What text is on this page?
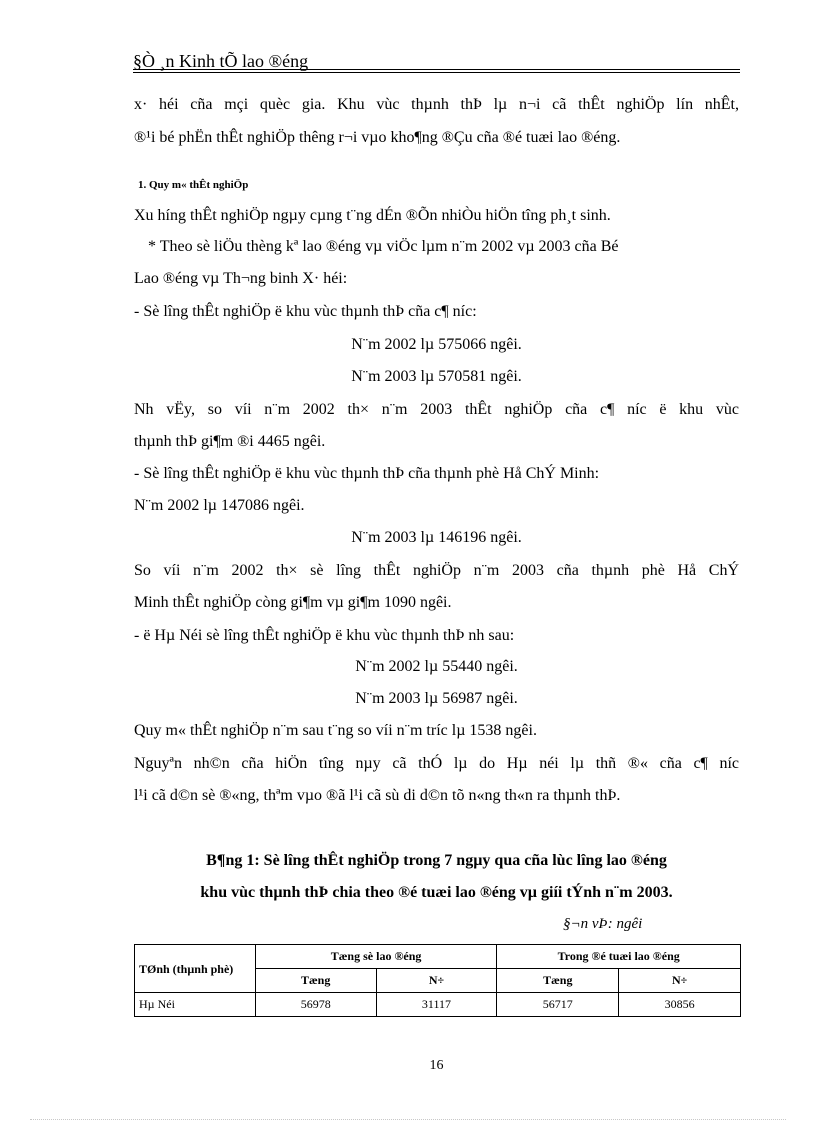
§Ò ¸n Kinh tÕ lao ®éng
x· héi cña mçi quèc gia. Khu vùc thµnh thÞ lµ n¬i cã thÊt nghiÖp lín nhÊt,
®¹i bé phËn thÊt nghiÖp thêng r¬i vµo kho¶ng ®Çu cña ®é tuæi lao ®éng.
1. Quy m« thÊt nghiÖp
Xu híng thÊt nghiÖp ngµy cµng t¨ng dÉn ®Õn nhiÒu hiÖn tîng ph¸t sinh.
* Theo sè liÖu thèng kª lao ®éng vµ viÖc lµm n¨m 2002 vµ 2003 cña Bé
Lao ®éng vµ Th¬ng binh X· héi:
- Sè lîng thÊt nghiÖp ë khu vùc thµnh thÞ cña c¶ níc:
N¨m 2002 lµ 575066 ngêi.
N¨m 2003 lµ 570581 ngêi.
Nh vËy, so víi n¨m 2002 th× n¨m 2003 thÊt nghiÖp cña c¶ níc ë khu vùc
thµnh thÞ gi¶m ®i 4465 ngêi.
- Sè lîng thÊt nghiÖp ë khu vùc thµnh thÞ cña thµnh phè Hå ChÝ Minh:
N¨m 2002 lµ 147086 ngêi.
N¨m 2003 lµ 146196 ngêi.
So víi n¨m 2002 th× sè lîng thÊt nghiÖp n¨m 2003 cña thµnh phè Hå ChÝ
Minh thÊt nghiÖp còng gi¶m vµ gi¶m 1090 ngêi.
- ë Hµ Néi sè lîng thÊt nghiÖp ë khu vùc thµnh thÞ nh sau:
N¨m 2002 lµ 55440 ngêi.
N¨m 2003 lµ 56987 ngêi.
Quy m« thÊt nghiÖp n¨m sau t¨ng so víi n¨m tríc lµ 1538 ngêi.
Nguyªn nh©n cña hiÖn tîng nµy cã thÓ lµ do Hµ néi lµ thñ ®« cña c¶ níc
l¹i cã d©n sè ®«ng, thªm vµo ®ã l¹i cã sù di d©n tõ n«ng th«n ra thµnh thÞ.
B¶ng 1: Sè lîng thÊt nghiÖp trong 7 ngµy qua cña lùc lîng lao ®éng
khu vùc thµnh thÞ chia theo ®é tuæi lao ®éng vµ giíi tÝnh n¨m 2003.
§¬n vÞ: ngêi
TØnh (thµnh phè)	Tæng sè lao ®éng		Trong ®é tuæi lao ®éng	
	Tæng	N÷	Tæng	N÷
Hµ Néi	56978	31117	56717	30856
16
